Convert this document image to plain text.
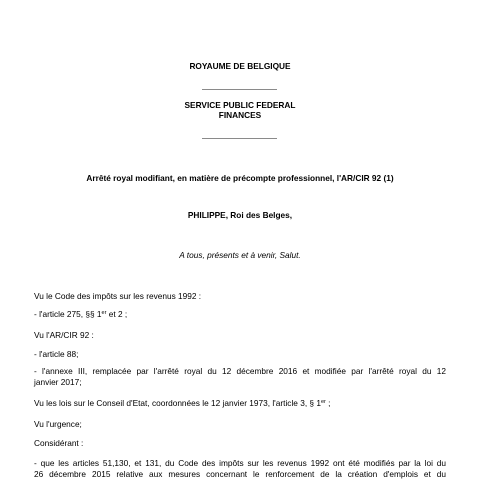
ROYAUME DE BELGIQUE
SERVICE PUBLIC FEDERAL
FINANCES
Arrêté royal modifiant, en matière de précompte professionnel, l'AR/CIR 92 (1)
PHILIPPE, Roi des Belges,
A tous, présents et à venir, Salut.
Vu le Code des impôts sur les revenus 1992 :
- l'article 275, §§ 1er et 2 ;
Vu l'AR/CIR 92 :
- l'article 88;
- l'annexe III, remplacée par l'arrêté royal du 12 décembre 2016 et modifiée par l'arrêté royal du 12
janvier 2017;
Vu les lois sur le Conseil d'Etat, coordonnées le 12 janvier 1973, l'article 3, § 1er ;
Vu l'urgence;
Considérant :
- que les articles 51,130, et 131, du Code des impôts sur les revenus 1992 ont été modifiés par la loi du
26 décembre 2015 relative aux mesures concernant le renforcement de la création d'emplois et du
